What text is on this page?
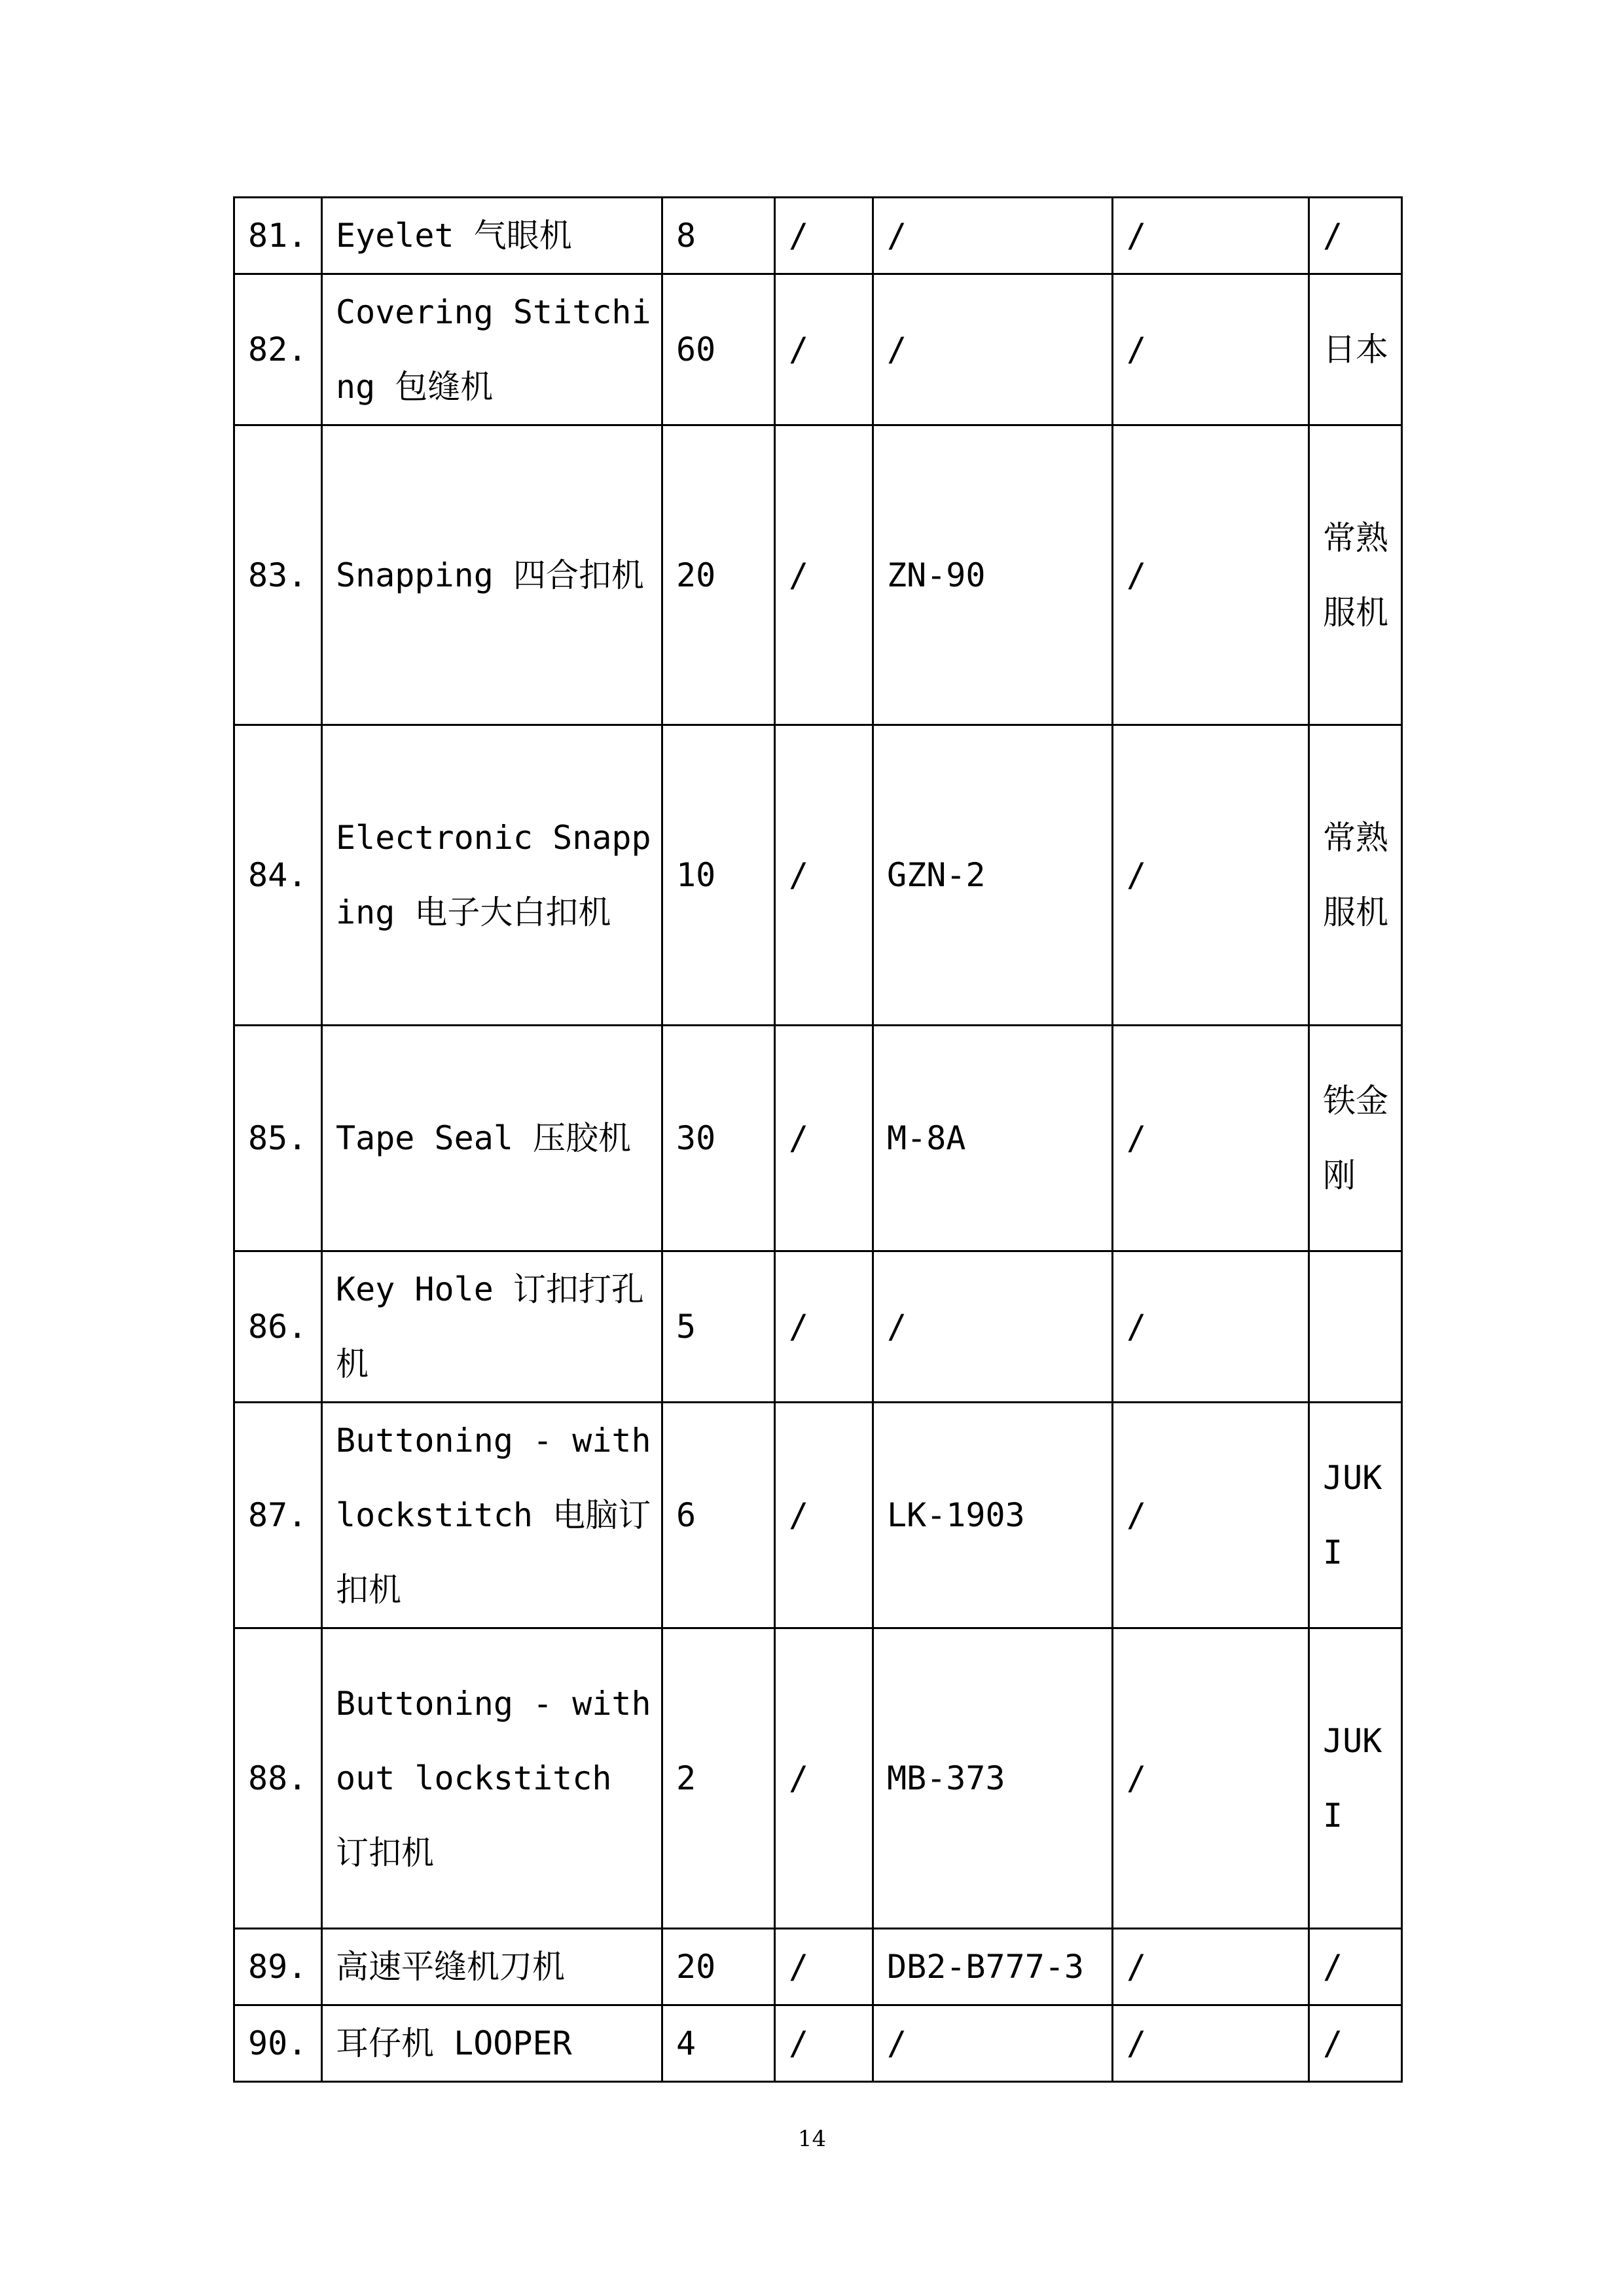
81.	Eyelet 气眼机	8	/	/	/	/
82.	Covering Stitching 包缝机	60	/	/	/	日本
83.	Snapping 四合扣机	20	/	ZN-90	/	常熟服机
84.	Electronic Snapping 电子大白扣机	10	/	GZN-2	/	常熟服机
85.	Tape Seal 压胶机	30	/	M-8A	/	铁金刚
86.	Key Hole 订扣打孔机	5	/	/	/	
87.	Buttoning - with lockstitch 电脑订扣机	6	/	LK-1903	/	JUKI
88.	Buttoning - without lockstitch 订扣机	2	/	MB-373	/	JUKI
89.	高速平缝机刀机	20	/	DB2-B777-3	/	/
90.	耳仔机 LOOPER	4	/	/	/	/
14
